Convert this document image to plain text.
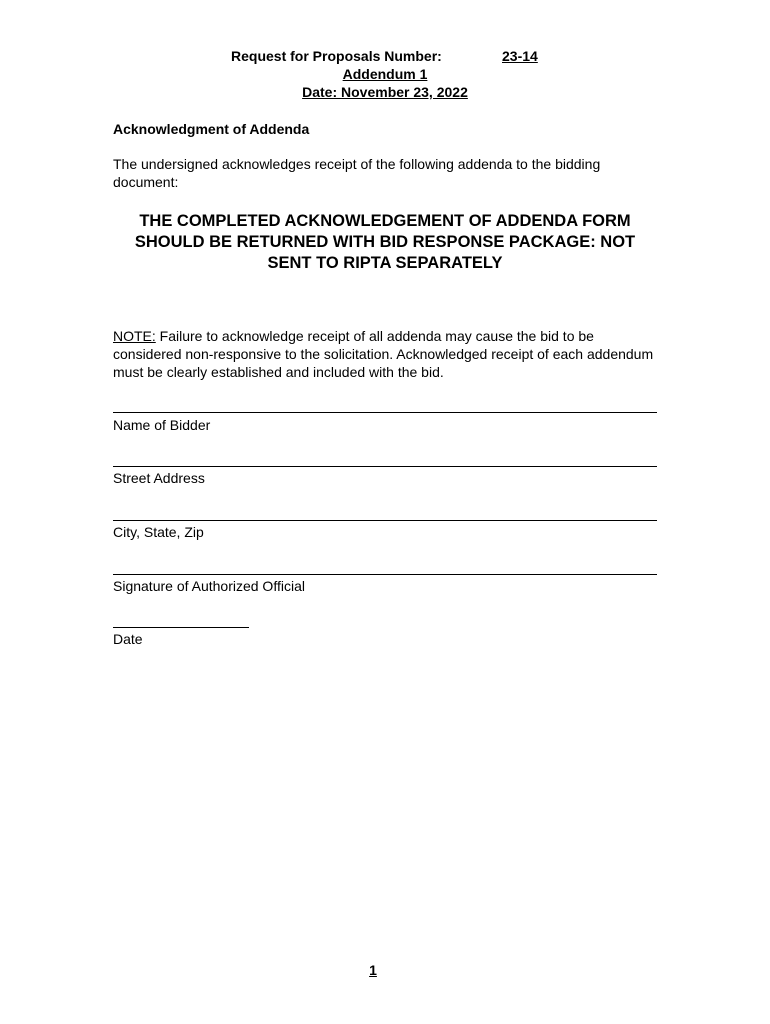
Request for Proposals Number:	23-14
Addendum 1
Date: November 23, 2022
Acknowledgment of Addenda
The undersigned acknowledges receipt of the following addenda to the bidding document:
THE COMPLETED ACKNOWLEDGEMENT OF ADDENDA FORM
SHOULD BE RETURNED WITH BID RESPONSE PACKAGE: NOT
SENT TO RIPTA SEPARATELY
NOTE: Failure to acknowledge receipt of all addenda may cause the bid to be considered non-responsive to the solicitation. Acknowledged receipt of each addendum must be clearly established and included with the bid.
Name of Bidder
Street Address
City, State, Zip
Signature of Authorized Official
Date
1
